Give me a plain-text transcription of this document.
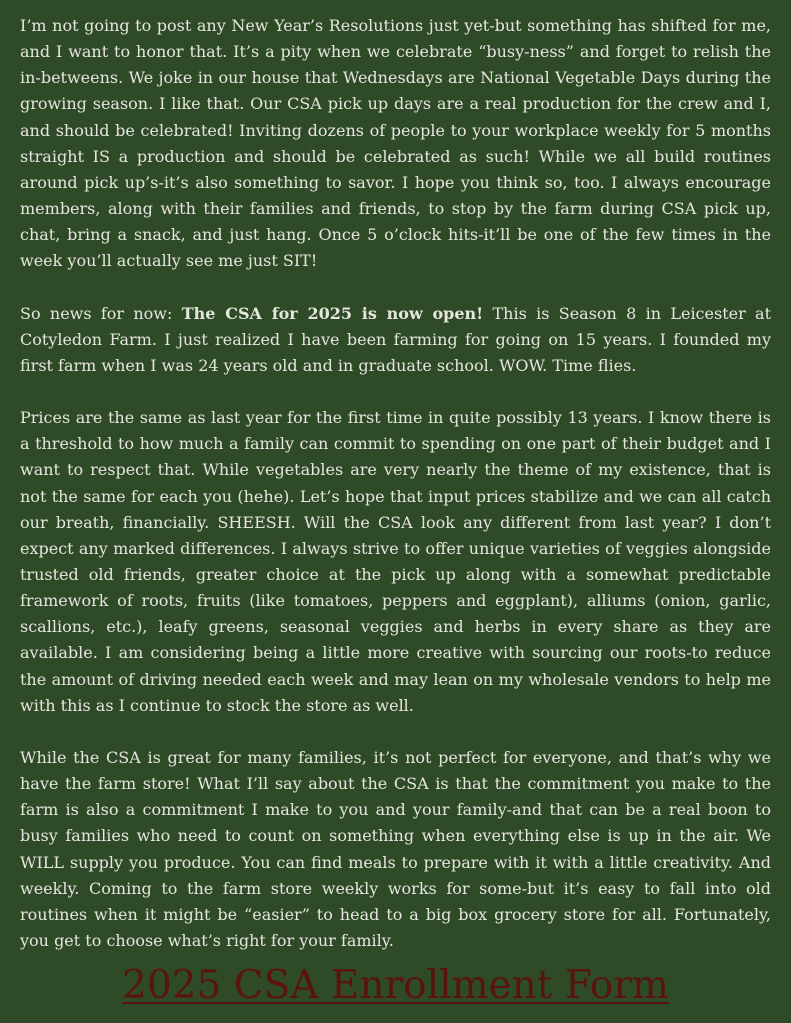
I’m not going to post any New Year’s Resolutions just yet-but something has shifted for me, and I want to honor that. It’s a pity when we celebrate “busy-ness” and forget to relish the in-betweens. We joke in our house that Wednesdays are National Vegetable Days during the growing season. I like that. Our CSA pick up days are a real production for the crew and I, and should be celebrated! Inviting dozens of people to your workplace weekly for 5 months straight IS a production and should be celebrated as such! While we all build routines around pick up’s-it’s also something to savor. I hope you think so, too. I always encourage members, along with their families and friends, to stop by the farm during CSA pick up, chat, bring a snack, and just hang. Once 5 o’clock hits-it’ll be one of the few times in the week you’ll actually see me just SIT!

So news for now: The CSA for 2025 is now open! This is Season 8 in Leicester at Cotyledon Farm. I just realized I have been farming for going on 15 years. I founded my first farm when I was 24 years old and in graduate school. WOW. Time flies.

Prices are the same as last year for the first time in quite possibly 13 years. I know there is a threshold to how much a family can commit to spending on one part of their budget and I want to respect that. While vegetables are very nearly the theme of my existence, that is not the same for each you (hehe). Let’s hope that input prices stabilize and we can all catch our breath, financially. SHEESH. Will the CSA look any different from last year? I don’t expect any marked differences. I always strive to offer unique varieties of veggies alongside trusted old friends, greater choice at the pick up along with a somewhat predictable framework of roots, fruits (like tomatoes, peppers and eggplant), alliums (onion, garlic, scallions, etc.), leafy greens, seasonal veggies and herbs in every share as they are available. I am considering being a little more creative with sourcing our roots-to reduce the amount of driving needed each week and may lean on my wholesale vendors to help me with this as I continue to stock the store as well.

While the CSA is great for many families, it’s not perfect for everyone, and that’s why we have the farm store! What I’ll say about the CSA is that the commitment you make to the farm is also a commitment I make to you and your family-and that can be a real boon to busy families who need to count on something when everything else is up in the air. We WILL supply you produce. You can find meals to prepare with it with a little creativity. And weekly. Coming to the farm store weekly works for some-but it’s easy to fall into old routines when it might be “easier” to head to a big box grocery store for all. Fortunately, you get to choose what’s right for your family.

2025 CSA Enrollment Form
